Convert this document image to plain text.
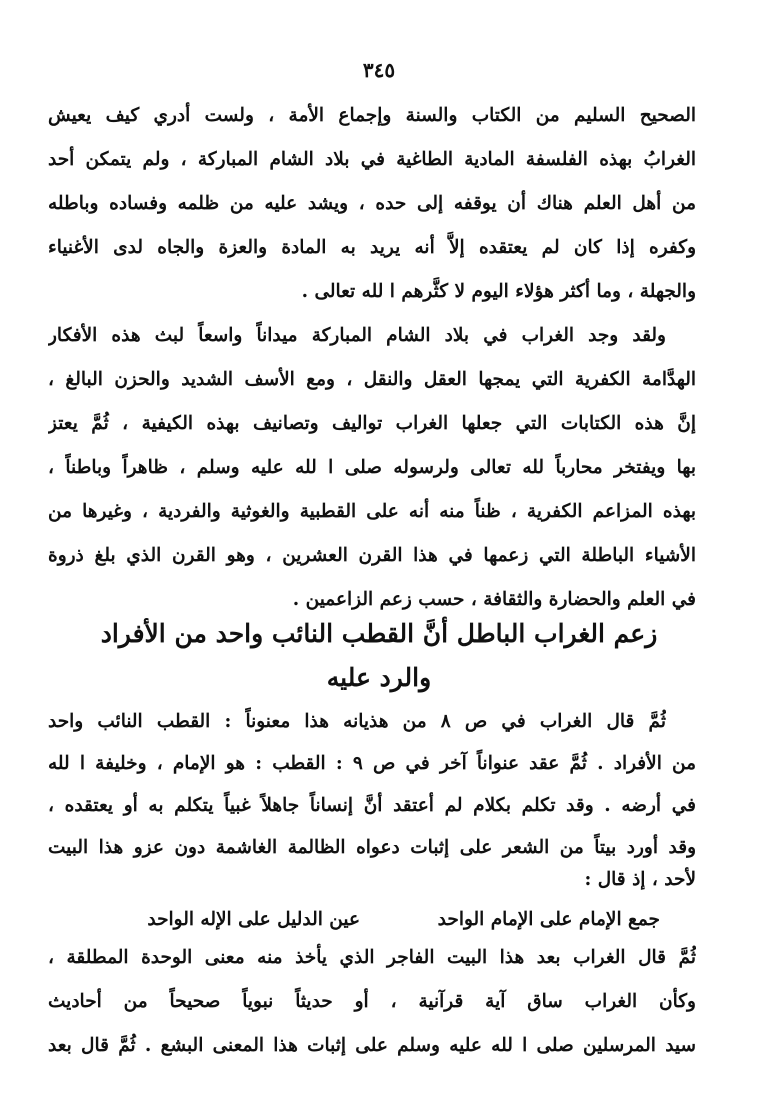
٣٤٥
الصحيح السليم من الكتاب والسنة وإجماع الأمة ، ولست أدري كيف يعيش
الغرابُ بهذه الفلسفة المادية الطاغية في بلاد الشام المباركة ، ولم يتمكن أحد
من أهل العلم هناك أن يوقفه إلى حده ، ويشد عليه من ظلمه وفساده وباطله
وكفره إذا كان لم يعتقده إلاَّ أنه يريد به المادة والعزة والجاه لدى الأغنياء
والجهلة ، وما أكثر هؤلاء اليوم لا كثَّرهم ا لله تعالى .
ولقد وجد الغراب في بلاد الشام المباركة ميداناً واسعاً لبث هذه الأفكار
الهدَّامة الكفرية التي يمجها العقل والنقل ، ومع الأسف الشديد والحزن البالغ ،
إنَّ هذه الكتابات التي جعلها الغراب تواليف وتصانيف بهذه الكيفية ، ثُمَّ يعتز
بها ويفتخر محارباً لله تعالى ولرسوله صلى ا لله عليه وسلم ، ظاهراً وباطناً ،
بهذه المزاعم الكفرية ، ظناً منه أنه على القطبية والغوثية والفردية ، وغيرها من
الأشياء الباطلة التي زعمها في هذا القرن العشرين ، وهو القرن الذي بلغ ذروة
في العلم والحضارة والثقافة ، حسب زعم الزاعمين .
زعم الغراب الباطل أنَّ القطب النائب واحد من الأفراد
والرد عليه
ثُمَّ قال الغراب في ص ٨ من هذيانه هذا معنوناً : القطب النائب واحد
من الأفراد . ثُمَّ عقد عنواناً آخر في ص ٩ : القطب : هو الإمام ، وخليفة ا لله
في أرضه . وقد تكلم بكلام لم أعتقد أنَّ إنساناً جاهلاً غبياً يتكلم به أو يعتقده ،
وقد أورد بيتاً من الشعر على إثبات دعواه الظالمة الغاشمة دون عزو هذا البيت
لأحد ، إذ قال :
جمع الإمام على الإمام الواحد
عين الدليل على الإله الواحد
ثُمَّ قال الغراب بعد هذا البيت الفاجر الذي يأخذ منه معنى الوحدة المطلقة ،
وكأن الغراب ساق آية قرآنية ، أو حديثاً نبوياً صحيحاً من أحاديث
سيد المرسلين صلى ا لله عليه وسلم على إثبات هذا المعنى البشع . ثُمَّ قال بعد
